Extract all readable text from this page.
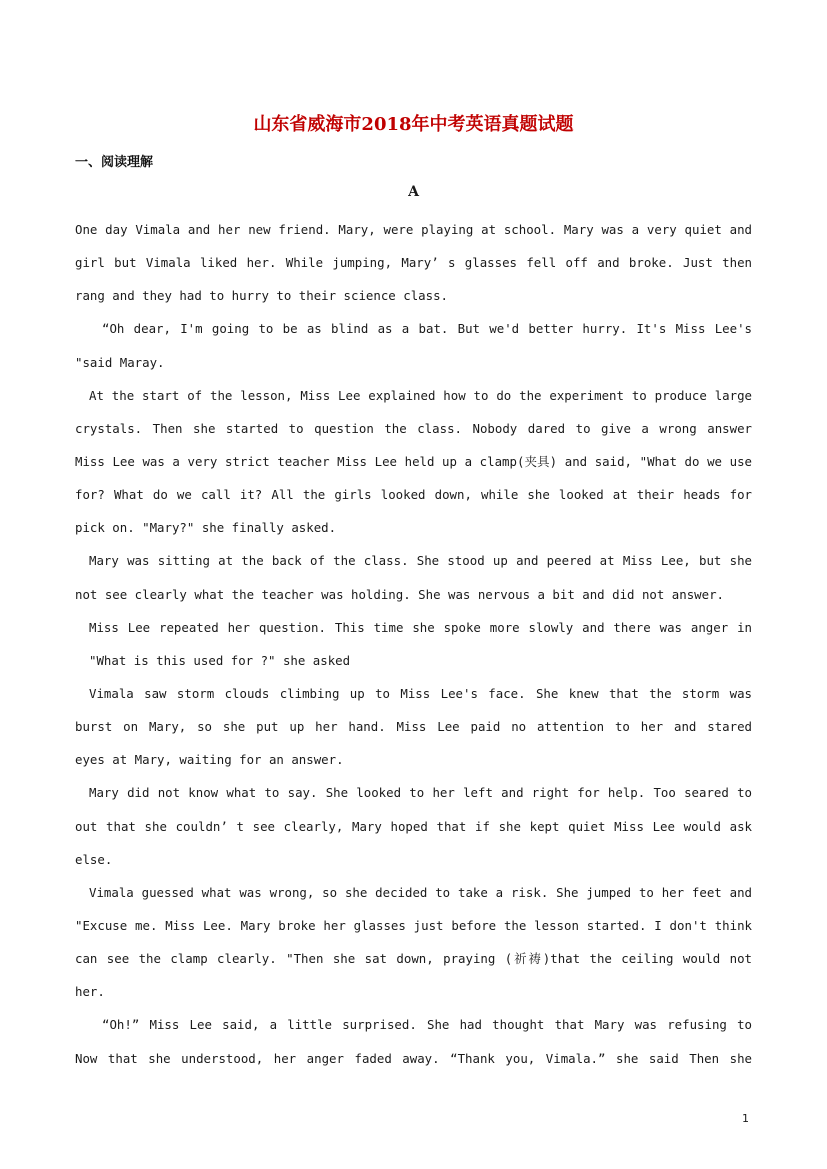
山东省威海市2018年中考英语真题试题
一、阅读理解
A
One day Vimala and her new friend. Mary, were playing at school. Mary was a very quiet and
girl but Vimala liked her. While jumping, Mary’ s glasses fell off and broke. Just then
rang and they had to hurry to their science class.
“Oh dear, I'm going to be as blind as a bat. But we'd better hurry. It's Miss Lee's
"said Maray.
At the start of the lesson, Miss Lee explained how to do the experiment to produce large
crystals. Then she started to question the class. Nobody dared to give a wrong answer
Miss Lee was a very strict teacher Miss Lee held up a clamp(夹具) and said, "What do we use
for? What do we call it? All the girls looked down, while she looked at their heads for
pick on. "Mary?" she finally asked.
Mary was sitting at the back of the class. She stood up and peered at Miss Lee, but she
not see clearly what the teacher was holding. She was nervous a bit and did not answer.
Miss Lee repeated her question. This time she spoke more slowly and there was anger in
"What is this used for ?" she asked
Vimala saw storm clouds climbing up to Miss Lee's face. She knew that the storm was
burst on Mary, so she put up her hand. Miss Lee paid no attention to her and stared
eyes at Mary, waiting for an answer.
Mary did not know what to say. She looked to her left and right for help. Too seared to
out that she couldn’ t see clearly, Mary hoped that if she kept quiet Miss Lee would ask
else.
Vimala guessed what was wrong, so she decided to take a risk. She jumped to her feet and
"Excuse me. Miss Lee. Mary broke her glasses just before the lesson started. I don't think
can see the clamp clearly. "Then she sat down, praying (祈祷)that the ceiling would not
her.
“Oh!” Miss Lee said, a little surprised. She had thought that Mary was refusing to
Now that she understood, her anger faded away. “Thank you, Vimala.” she said Then she
1
